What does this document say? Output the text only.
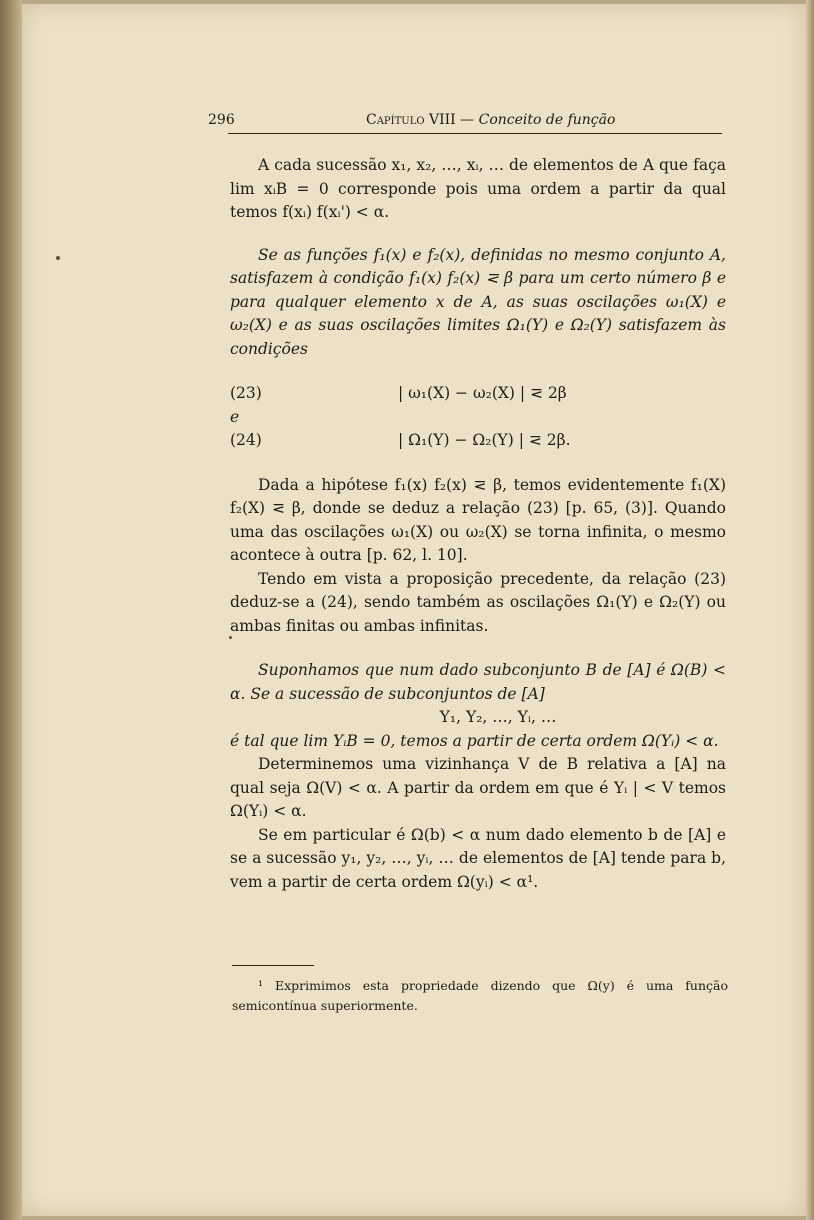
296	Capítulo VIII — Conceito de função

A cada sucessão x₁, x₂, …, xᵢ, … de elementos de A que faça lim xᵢB = 0 corresponde pois uma ordem a partir da qual temos f(xᵢ) f(xᵢ') < α.

Se as funções f₁(x) e f₂(x), definidas no mesmo conjunto A, satisfazem à condição f₁(x) f₂(x) ⋜ β para um certo número β e para qualquer elemento x de A, as suas oscilações ω₁(X) e ω₂(X) e as suas oscilações limites Ω₁(Y) e Ω₂(Y) satisfazem às condições

(23)	| ω₁(X) − ω₂(X) | ⋜ 2β
e
(24)	| Ω₁(Y) − Ω₂(Y) | ⋜ 2β.

Dada a hipótese f₁(x) f₂(x) ⋜ β, temos evidentemente f₁(X) f₂(X) ⋜ β, donde se deduz a relação (23) [p. 65, (3)]. Quando uma das oscilações ω₁(X) ou ω₂(X) se torna infinita, o mesmo acontece à outra [p. 62, l. 10].

Tendo em vista a proposição precedente, da relação (23) deduz-se a (24), sendo também as oscilações Ω₁(Y) e Ω₂(Y) ou ambas finitas ou ambas infinitas.

Suponhamos que num dado subconjunto B de [A] é Ω(B) < α. Se a sucessão de subconjuntos de [A]

Y₁, Y₂, …, Yᵢ, …

é tal que lim YᵢB = 0, temos a partir de certa ordem Ω(Yᵢ) < α.

Determinemos uma vizinhança V de B relativa a [A] na qual seja Ω(V) < α. A partir da ordem em que é Yᵢ | < V temos Ω(Yᵢ) < α.

Se em particular é Ω(b) < α num dado elemento b de [A] e se a sucessão y₁, y₂, …, yᵢ, … de elementos de [A] tende para b, vem a partir de certa ordem Ω(yᵢ) < α¹.

¹ Exprimimos esta propriedade dizendo que Ω(y) é uma função semicontínua superiormente.
